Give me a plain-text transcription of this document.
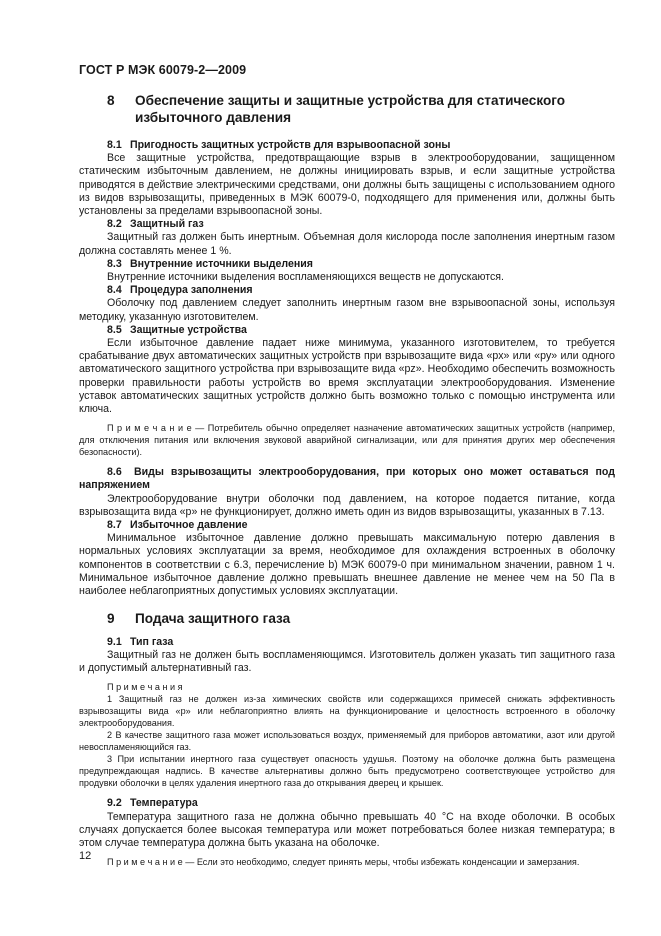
ГОСТ Р МЭК 60079-2—2009
8	Обеспечение защиты и защитные устройства для статического избыточного давления
8.1 Пригодность защитных устройств для взрывоопасной зоны

Все защитные устройства, предотвращающие взрыв в электрооборудовании, защищенном статическим избыточным давлением, не должны инициировать взрыв, и если защитные устройства приводятся в действие электрическими средствами, они должны быть защищены с использованием одного из видов взрывозащиты, приведенных в МЭК 60079-0, подходящего для применения или, должны быть установлены за пределами взрывоопасной зоны.

8.2 Защитный газ

Защитный газ должен быть инертным. Объемная доля кислорода после заполнения инертным газом должна составлять менее 1 %.

8.3 Внутренние источники выделения

Внутренние источники выделения воспламеняющихся веществ не допускаются.

8.4 Процедура заполнения

Оболочку под давлением следует заполнить инертным газом вне взрывоопасной зоны, используя методику, указанную изготовителем.

8.5 Защитные устройства

Если избыточное давление падает ниже минимума, указанного изготовителем, то требуется срабатывание двух автоматических защитных устройств при взрывозащите вида «px» или «py» или одного автоматического защитного устройства при взрывозащите вида «pz». Необходимо обеспечить возможность проверки правильности работы устройств во время эксплуатации электрооборудования. Изменение уставок автоматических защитных устройств должно быть возможно только с помощью инструмента или ключа.

П р и м е ч а н и е — Потребитель обычно определяет назначение автоматических защитных устройств (например, для отключения питания или включения звуковой аварийной сигнализации, или для принятия других мер обеспечения безопасности).
8.6 Виды взрывозащиты электрооборудования, при которых оно может оставаться под напряжением

Электрооборудование внутри оболочки под давлением, на которое подается питание, когда взрывозащита вида «p» не функционирует, должно иметь один из видов взрывозащиты, указанных в 7.13.

8.7 Избыточное давление

Минимальное избыточное давление должно превышать максимальную потерю давления в нормальных условиях эксплуатации за время, необходимое для охлаждения встроенных в оболочку компонентов в соответствии с 6.3, перечисление b) МЭК 60079-0 при минимальном значении, равном 1 ч. Минимальное избыточное давление должно превышать внешнее давление не менее чем на 50 Па в наиболее неблагоприятных допустимых условиях эксплуатации.

9	Подача защитного газа
9.1 Тип газа

Защитный газ не должен быть воспламеняющимся. Изготовитель должен указать тип защитного газа и допустимый альтернативный газ.

П р и м е ч а н и я
1 Защитный газ не должен из-за химических свойств или содержащихся примесей снижать эффективность взрывозащиты вида «р» или неблагоприятно влиять на функционирование и целостность встроенного в оболочку электрооборудования.
2 В качестве защитного газа может использоваться воздух, применяемый для приборов автоматики, азот или другой невоспламеняющийся газ.
3 При испытании инертного газа существует опасность удушья. Поэтому на оболочке должна быть размещена предупреждающая надпись. В качестве альтернативы должно быть предусмотрено соответствующее устройство для продувки оболочки в целях удаления инертного газа до открывания дверец и крышек.
9.2 Температура

Температура защитного газа не должна обычно превышать 40 °С на входе оболочки. В особых случаях допускается более высокая температура или может потребоваться более низкая температура; в этом случае температура должна быть указана на оболочке.

П р и м е ч а н и е — Если это необходимо, следует принять меры, чтобы избежать конденсации и замерзания.
12
